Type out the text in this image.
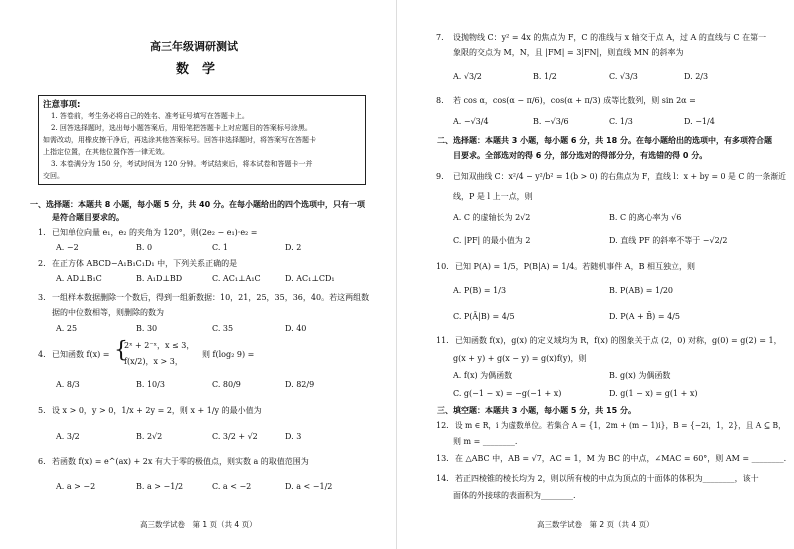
高三年级调研测试
数　学
注意事项:
1. 答卷前，考生务必将自己的姓名、准考证号填写在答题卡上。
2. 回答选择题时，选出每小题答案后，用铅笔把答题卡上对应题目的答案标号涂黑。
如需改动，用橡皮擦干净后，再选涂其他答案标号。回答非选择题时，将答案写在答题卡
上指定位置，在其他位置作答一律无效。
3. 本卷满分为 150 分，考试时间为 120 分钟。考试结束后，将本试卷和答题卡一并
交回。
一、选择题：本题共 8 小题，每小题 5 分，共 40 分。在每小题给出的四个选项中，只有一项
是符合题目要求的。
1. 已知单位向量 e₁，e₂ 的夹角为 120°，则(2e₂ − e₁)·e₂ =
A. −2	B. 0	C. 1	D. 2
2. 在正方体 ABCD−A₁B₁C₁D₁ 中，下列关系正确的是
A. AD⊥B₁C	B. A₁D⊥BD	C. AC₁⊥A₁C	D. AC₁⊥CD₁
3. 一组样本数据删除一个数后，得到一组新数据：10，21，25，35，36，40。若这两组数
据的中位数相等，则删除的数为
A. 25	B. 30	C. 35	D. 40
4. 已知函数 f(x) = {
2ˣ + 2⁻ˣ，x ≤ 3，
f(x/2)，x > 3，
则 f(log₂ 9) =
A. 8/3	B. 10/3	C. 80/9	D. 82/9
5. 设 x > 0，y > 0，1/x + 2y = 2，则 x + 1/y 的最小值为
A. 3/2	B. 2√2	C. 3/2 + √2	D. 3
6. 若函数 f(x) = e^(ax) + 2x 有大于零的极值点，则实数 a 的取值范围为
A. a > −2	B. a > −1/2	C. a < −2	D. a < −1/2
高三数学试卷　第 1 页（共 4 页）
7. 设抛物线 C：y² = 4x 的焦点为 F，C 的准线与 x 轴交于点 A，过 A 的直线与 C 在第一
象限的交点为 M，N，且 |FM| = 3|FN|，则直线 MN 的斜率为
A. √3/2	B. 1/2	C. √3/3	D. 2/3
8. 若 cos α，cos(α − π/6)，cos(α + π/3) 成等比数列，则 sin 2α =
A. −√3/4	B. −√3/6	C. 1/3	D. −1/4
二、选择题：本题共 3 小题，每小题 6 分，共 18 分。在每小题给出的选项中，有多项符合题
目要求。全部选对的得 6 分，部分选对的得部分分，有选错的得 0 分。
9. 已知双曲线 C：x²/4 − y²/b² = 1(b > 0) 的右焦点为 F，直线 l：x + by = 0 是 C 的一条渐近
线，P 是 l 上一点，则
A. C 的虚轴长为 2√2	B. C 的离心率为 √6
C. |PF| 的最小值为 2	D. 直线 PF 的斜率不等于 −√2/2
10. 已知 P(A) = 1/5，P(B|A) = 1/4。若随机事件 A，B 相互独立，则
A. P(B) = 1/3	B. P(AB) = 1/20
C. P(Ā|B) = 4/5	D. P(A + B̄) = 4/5
11. 已知函数 f(x)，g(x) 的定义域均为 R，f(x) 的图象关于点 (2，0) 对称，g(0) = g(2) = 1，
g(x + y) + g(x − y) = g(x)f(y)，则
A. f(x) 为偶函数	B. g(x) 为偶函数
C. g(−1 − x) = −g(−1 + x)	D. g(1 − x) = g(1 + x)
三、填空题：本题共 3 小题，每小题 5 分，共 15 分。
12. 设 m ∈ R，i 为虚数单位。若集合 A = {1，2m + (m − 1)i}，B = {−2i，1，2}，且 A ⊆ B，
则 m = ________.
13. 在 △ABC 中，AB = √7，AC = 1，M 为 BC 的中点，∠MAC = 60°，则 AM = ________.
14. 若正四棱锥的棱长均为 2，则以所有棱的中点为顶点的十面体的体积为________，该十
面体的外接球的表面积为________.
高三数学试卷　第 2 页（共 4 页）
